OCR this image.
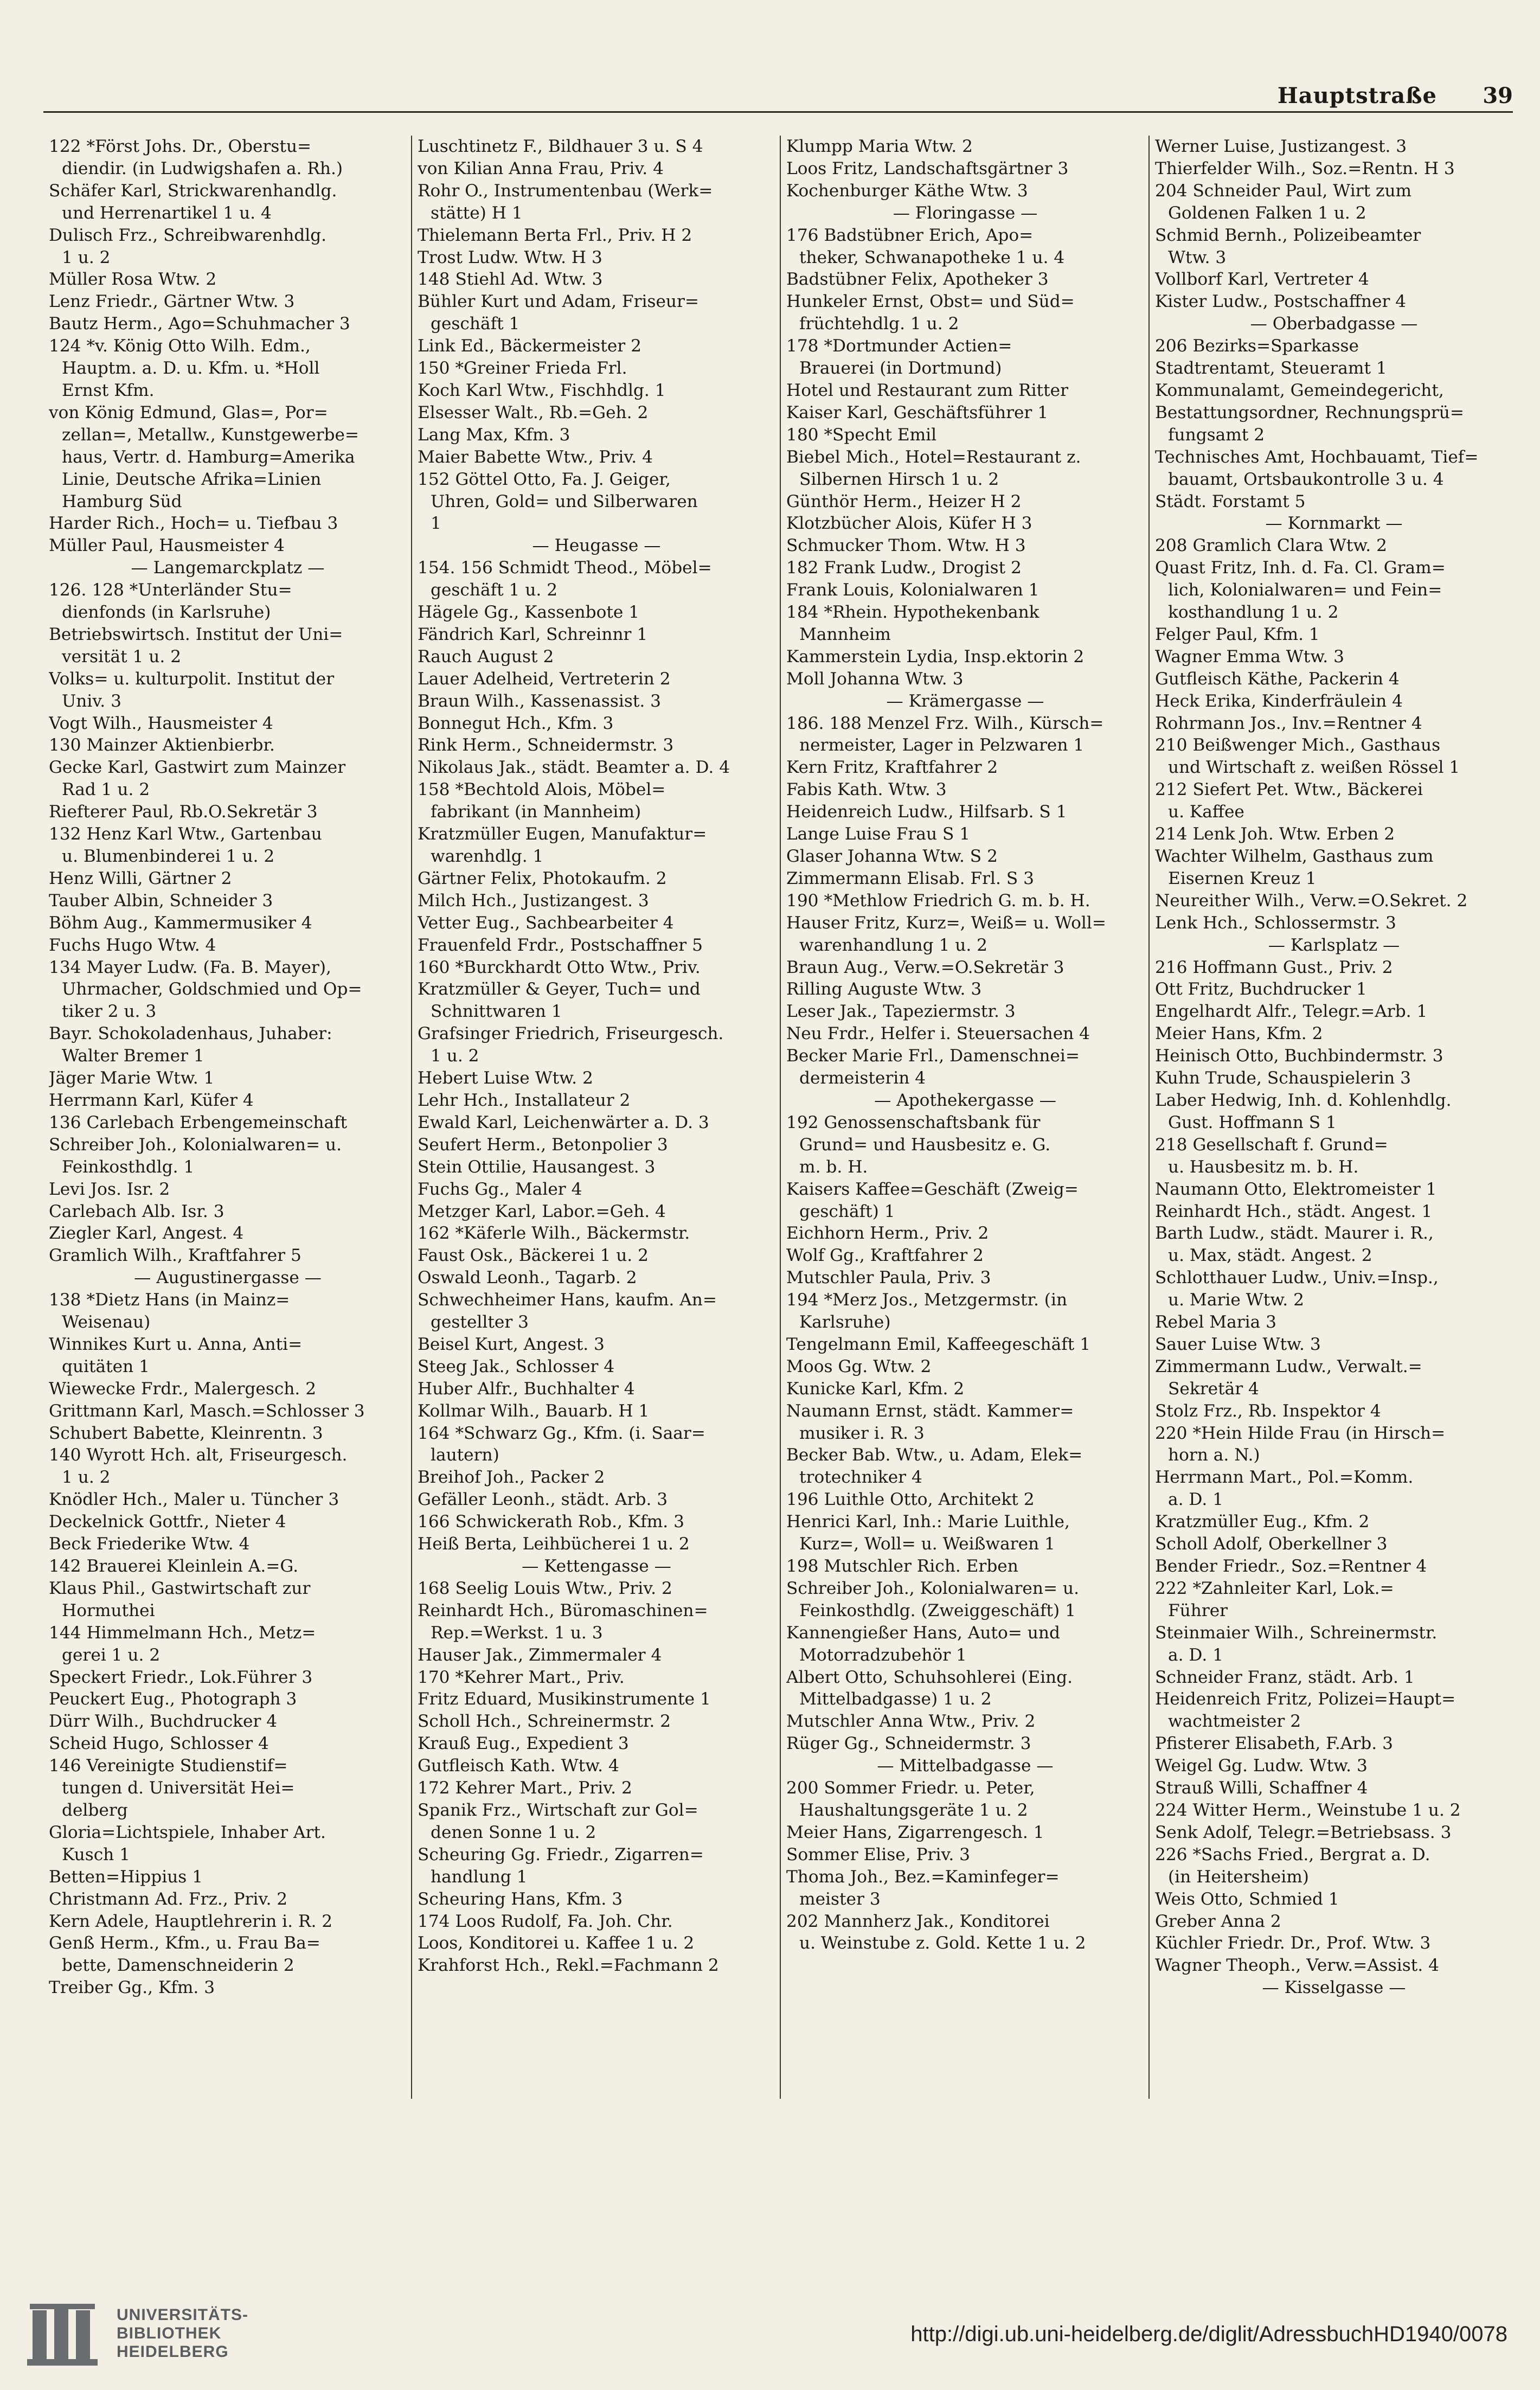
Hauptstraße 39
122 *Först Johs. Dr., Oberstu=
diendir. (in Ludwigshafen a. Rh.)
Schäfer Karl, Strickwarenhandlg.
und Herrenartikel 1 u. 4
Dulisch Frz., Schreibwarenhdlg.
1 u. 2
Müller Rosa Wtw. 2
Lenz Friedr., Gärtner Wtw. 3
Bautz Herm., Ago=Schuhmacher 3
124 *v. König Otto Wilh. Edm.,
Hauptm. a. D. u. Kfm. u. *Holl
Ernst Kfm.
von König Edmund, Glas=, Por=
zellan=, Metallw., Kunstgewerbe=
haus, Vertr. d. Hamburg=Amerika
Linie, Deutsche Afrika=Linien
Hamburg Süd
Harder Rich., Hoch= u. Tiefbau 3
Müller Paul, Hausmeister 4
— Langemarckplatz —
126. 128 *Unterländer Stu=
dienfonds (in Karlsruhe)
Betriebswirtsch. Institut der Uni=
versität 1 u. 2
Volks= u. kulturpolit. Institut der
Univ. 3
Vogt Wilh., Hausmeister 4
130 Mainzer Aktienbierbr.
Gecke Karl, Gastwirt zum Mainzer
Rad 1 u. 2
Riefterer Paul, Rb.O.Sekretär 3
132 Henz Karl Wtw., Gartenbau
u. Blumenbinderei 1 u. 2
Henz Willi, Gärtner 2
Tauber Albin, Schneider 3
Böhm Aug., Kammermusiker 4
Fuchs Hugo Wtw. 4
134 Mayer Ludw. (Fa. B. Mayer),
Uhrmacher, Goldschmied und Op=
tiker 2 u. 3
Bayr. Schokoladenhaus, Juhaber:
Walter Bremer 1
Jäger Marie Wtw. 1
Herrmann Karl, Küfer 4
136 Carlebach Erbengemeinschaft
Schreiber Joh., Kolonialwaren= u.
Feinkosthdlg. 1
Levi Jos. Isr. 2
Carlebach Alb. Isr. 3
Ziegler Karl, Angest. 4
Gramlich Wilh., Kraftfahrer 5
— Augustinergasse —
138 *Dietz Hans (in Mainz=
Weisenau)
Winnikes Kurt u. Anna, Anti=
quitäten 1
Wiewecke Frdr., Malergesch. 2
Grittmann Karl, Masch.=Schlosser 3
Schubert Babette, Kleinrentn. 3
140 Wyrott Hch. alt, Friseurgesch.
1 u. 2
Knödler Hch., Maler u. Tüncher 3
Deckelnick Gottfr., Nieter 4
Beck Friederike Wtw. 4
142 Brauerei Kleinlein A.=G.
Klaus Phil., Gastwirtschaft zur
Hormuthei
144 Himmelmann Hch., Metz=
gerei 1 u. 2
Speckert Friedr., Lok.Führer 3
Peuckert Eug., Photograph 3
Dürr Wilh., Buchdrucker 4
Scheid Hugo, Schlosser 4
146 Vereinigte Studienstif=
tungen d. Universität Hei=
delberg
Gloria=Lichtspiele, Inhaber Art.
Kusch 1
Betten=Hippius 1
Christmann Ad. Frz., Priv. 2
Kern Adele, Hauptlehrerin i. R. 2
Genß Herm., Kfm., u. Frau Ba=
bette, Damenschneiderin 2
Treiber Gg., Kfm. 3
Luschtinetz F., Bildhauer 3 u. S 4
von Kilian Anna Frau, Priv. 4
Rohr O., Instrumentenbau (Werk=
stätte) H 1
Thielemann Berta Frl., Priv. H 2
Trost Ludw. Wtw. H 3
148 Stiehl Ad. Wtw. 3
Bühler Kurt und Adam, Friseur=
geschäft 1
Link Ed., Bäckermeister 2
150 *Greiner Frieda Frl.
Koch Karl Wtw., Fischhdlg. 1
Elsesser Walt., Rb.=Geh. 2
Lang Max, Kfm. 3
Maier Babette Wtw., Priv. 4
152 Göttel Otto, Fa. J. Geiger,
Uhren, Gold= und Silberwaren
1
— Heugasse —
154. 156 Schmidt Theod., Möbel=
geschäft 1 u. 2
Hägele Gg., Kassenbote 1
Fändrich Karl, Schreinnr 1
Rauch August 2
Lauer Adelheid, Vertreterin 2
Braun Wilh., Kassenassist. 3
Bonnegut Hch., Kfm. 3
Rink Herm., Schneidermstr. 3
Nikolaus Jak., städt. Beamter a. D. 4
158 *Bechtold Alois, Möbel=
fabrikant (in Mannheim)
Kratzmüller Eugen, Manufaktur=
warenhdlg. 1
Gärtner Felix, Photokaufm. 2
Milch Hch., Justizangest. 3
Vetter Eug., Sachbearbeiter 4
Frauenfeld Frdr., Postschaffner 5
160 *Burckhardt Otto Wtw., Priv.
Kratzmüller & Geyer, Tuch= und
Schnittwaren 1
Grafsinger Friedrich, Friseurgesch.
1 u. 2
Hebert Luise Wtw. 2
Lehr Hch., Installateur 2
Ewald Karl, Leichenwärter a. D. 3
Seufert Herm., Betonpolier 3
Stein Ottilie, Hausangest. 3
Fuchs Gg., Maler 4
Metzger Karl, Labor.=Geh. 4
162 *Käferle Wilh., Bäckermstr.
Faust Osk., Bäckerei 1 u. 2
Oswald Leonh., Tagarb. 2
Schwechheimer Hans, kaufm. An=
gestellter 3
Beisel Kurt, Angest. 3
Steeg Jak., Schlosser 4
Huber Alfr., Buchhalter 4
Kollmar Wilh., Bauarb. H 1
164 *Schwarz Gg., Kfm. (i. Saar=
lautern)
Breihof Joh., Packer 2
Gefäller Leonh., städt. Arb. 3
166 Schwickerath Rob., Kfm. 3
Heiß Berta, Leihbücherei 1 u. 2
— Kettengasse —
168 Seelig Louis Wtw., Priv. 2
Reinhardt Hch., Büromaschinen=
Rep.=Werkst. 1 u. 3
Hauser Jak., Zimmermaler 4
170 *Kehrer Mart., Priv.
Fritz Eduard, Musikinstrumente 1
Scholl Hch., Schreinermstr. 2
Krauß Eug., Expedient 3
Gutfleisch Kath. Wtw. 4
172 Kehrer Mart., Priv. 2
Spanik Frz., Wirtschaft zur Gol=
denen Sonne 1 u. 2
Scheuring Gg. Friedr., Zigarren=
handlung 1
Scheuring Hans, Kfm. 3
174 Loos Rudolf, Fa. Joh. Chr.
Loos, Konditorei u. Kaffee 1 u. 2
Krahforst Hch., Rekl.=Fachmann 2
Klumpp Maria Wtw. 2
Loos Fritz, Landschaftsgärtner 3
Kochenburger Käthe Wtw. 3
— Floringasse —
176 Badstübner Erich, Apo=
theker, Schwanapotheke 1 u. 4
Badstübner Felix, Apotheker 3
Hunkeler Ernst, Obst= und Süd=
früchtehdlg. 1 u. 2
178 *Dortmunder Actien=
Brauerei (in Dortmund)
Hotel und Restaurant zum Ritter
Kaiser Karl, Geschäftsführer 1
180 *Specht Emil
Biebel Mich., Hotel=Restaurant z.
Silbernen Hirsch 1 u. 2
Günthör Herm., Heizer H 2
Klotzbücher Alois, Küfer H 3
Schmucker Thom. Wtw. H 3
182 Frank Ludw., Drogist 2
Frank Louis, Kolonialwaren 1
184 *Rhein. Hypothekenbank
Mannheim
Kammerstein Lydia, Insp.ektorin 2
Moll Johanna Wtw. 3
— Krämergasse —
186. 188 Menzel Frz. Wilh., Kürsch=
nermeister, Lager in Pelzwaren 1
Kern Fritz, Kraftfahrer 2
Fabis Kath. Wtw. 3
Heidenreich Ludw., Hilfsarb. S 1
Lange Luise Frau S 1
Glaser Johanna Wtw. S 2
Zimmermann Elisab. Frl. S 3
190 *Methlow Friedrich G. m. b. H.
Hauser Fritz, Kurz=, Weiß= u. Woll=
warenhandlung 1 u. 2
Braun Aug., Verw.=O.Sekretär 3
Rilling Auguste Wtw. 3
Leser Jak., Tapeziermstr. 3
Neu Frdr., Helfer i. Steuersachen 4
Becker Marie Frl., Damenschnei=
dermeisterin 4
— Apothekergasse —
192 Genossenschaftsbank für
Grund= und Hausbesitz e. G.
m. b. H.
Kaisers Kaffee=Geschäft (Zweig=
geschäft) 1
Eichhorn Herm., Priv. 2
Wolf Gg., Kraftfahrer 2
Mutschler Paula, Priv. 3
194 *Merz Jos., Metzgermstr. (in
Karlsruhe)
Tengelmann Emil, Kaffeegeschäft 1
Moos Gg. Wtw. 2
Kunicke Karl, Kfm. 2
Naumann Ernst, städt. Kammer=
musiker i. R. 3
Becker Bab. Wtw., u. Adam, Elek=
trotechniker 4
196 Luithle Otto, Architekt 2
Henrici Karl, Inh.: Marie Luithle,
Kurz=, Woll= u. Weißwaren 1
198 Mutschler Rich. Erben
Schreiber Joh., Kolonialwaren= u.
Feinkosthdlg. (Zweiggeschäft) 1
Kannengießer Hans, Auto= und
Motorradzubehör 1
Albert Otto, Schuhsohlerei (Eing.
Mittelbadgasse) 1 u. 2
Mutschler Anna Wtw., Priv. 2
Rüger Gg., Schneidermstr. 3
— Mittelbadgasse —
200 Sommer Friedr. u. Peter,
Haushaltungsgeräte 1 u. 2
Meier Hans, Zigarrengesch. 1
Sommer Elise, Priv. 3
Thoma Joh., Bez.=Kaminfeger=
meister 3
202 Mannherz Jak., Konditorei
u. Weinstube z. Gold. Kette 1 u. 2
Werner Luise, Justizangest. 3
Thierfelder Wilh., Soz.=Rentn. H 3
204 Schneider Paul, Wirt zum
Goldenen Falken 1 u. 2
Schmid Bernh., Polizeibeamter
Wtw. 3
Vollborf Karl, Vertreter 4
Kister Ludw., Postschaffner 4
— Oberbadgasse —
206 Bezirks=Sparkasse
Stadtrentamt, Steueramt 1
Kommunalamt, Gemeindegericht,
Bestattungsordner, Rechnungsprü=
fungsamt 2
Technisches Amt, Hochbauamt, Tief=
bauamt, Ortsbaukontrolle 3 u. 4
Städt. Forstamt 5
— Kornmarkt —
208 Gramlich Clara Wtw. 2
Quast Fritz, Inh. d. Fa. Cl. Gram=
lich, Kolonialwaren= und Fein=
kosthandlung 1 u. 2
Felger Paul, Kfm. 1
Wagner Emma Wtw. 3
Gutfleisch Käthe, Packerin 4
Heck Erika, Kinderfräulein 4
Rohrmann Jos., Inv.=Rentner 4
210 Beißwenger Mich., Gasthaus
und Wirtschaft z. weißen Rössel 1
212 Siefert Pet. Wtw., Bäckerei
u. Kaffee
214 Lenk Joh. Wtw. Erben 2
Wachter Wilhelm, Gasthaus zum
Eisernen Kreuz 1
Neureither Wilh., Verw.=O.Sekret. 2
Lenk Hch., Schlossermstr. 3
— Karlsplatz —
216 Hoffmann Gust., Priv. 2
Ott Fritz, Buchdrucker 1
Engelhardt Alfr., Telegr.=Arb. 1
Meier Hans, Kfm. 2
Heinisch Otto, Buchbindermstr. 3
Kuhn Trude, Schauspielerin 3
Laber Hedwig, Inh. d. Kohlenhdlg.
Gust. Hoffmann S 1
218 Gesellschaft f. Grund=
u. Hausbesitz m. b. H.
Naumann Otto, Elektromeister 1
Reinhardt Hch., städt. Angest. 1
Barth Ludw., städt. Maurer i. R.,
u. Max, städt. Angest. 2
Schlotthauer Ludw., Univ.=Insp.,
u. Marie Wtw. 2
Rebel Maria 3
Sauer Luise Wtw. 3
Zimmermann Ludw., Verwalt.=
Sekretär 4
Stolz Frz., Rb. Inspektor 4
220 *Hein Hilde Frau (in Hirsch=
horn a. N.)
Herrmann Mart., Pol.=Komm.
a. D. 1
Kratzmüller Eug., Kfm. 2
Scholl Adolf, Oberkellner 3
Bender Friedr., Soz.=Rentner 4
222 *Zahnleiter Karl, Lok.=
Führer
Steinmaier Wilh., Schreinermstr.
a. D. 1
Schneider Franz, städt. Arb. 1
Heidenreich Fritz, Polizei=Haupt=
wachtmeister 2
Pfisterer Elisabeth, F.Arb. 3
Weigel Gg. Ludw. Wtw. 3
Strauß Willi, Schaffner 4
224 Witter Herm., Weinstube 1 u. 2
Senk Adolf, Telegr.=Betriebsass. 3
226 *Sachs Fried., Bergrat a. D.
(in Heitersheim)
Weis Otto, Schmied 1
Greber Anna 2
Küchler Friedr. Dr., Prof. Wtw. 3
Wagner Theoph., Verw.=Assist. 4
— Kisselgasse —
UNIVERSITÄTS-
BIBLIOTHEK
HEIDELBERG
http://digi.ub.uni-heidelberg.de/diglit/AdressbuchHD1940/0078
